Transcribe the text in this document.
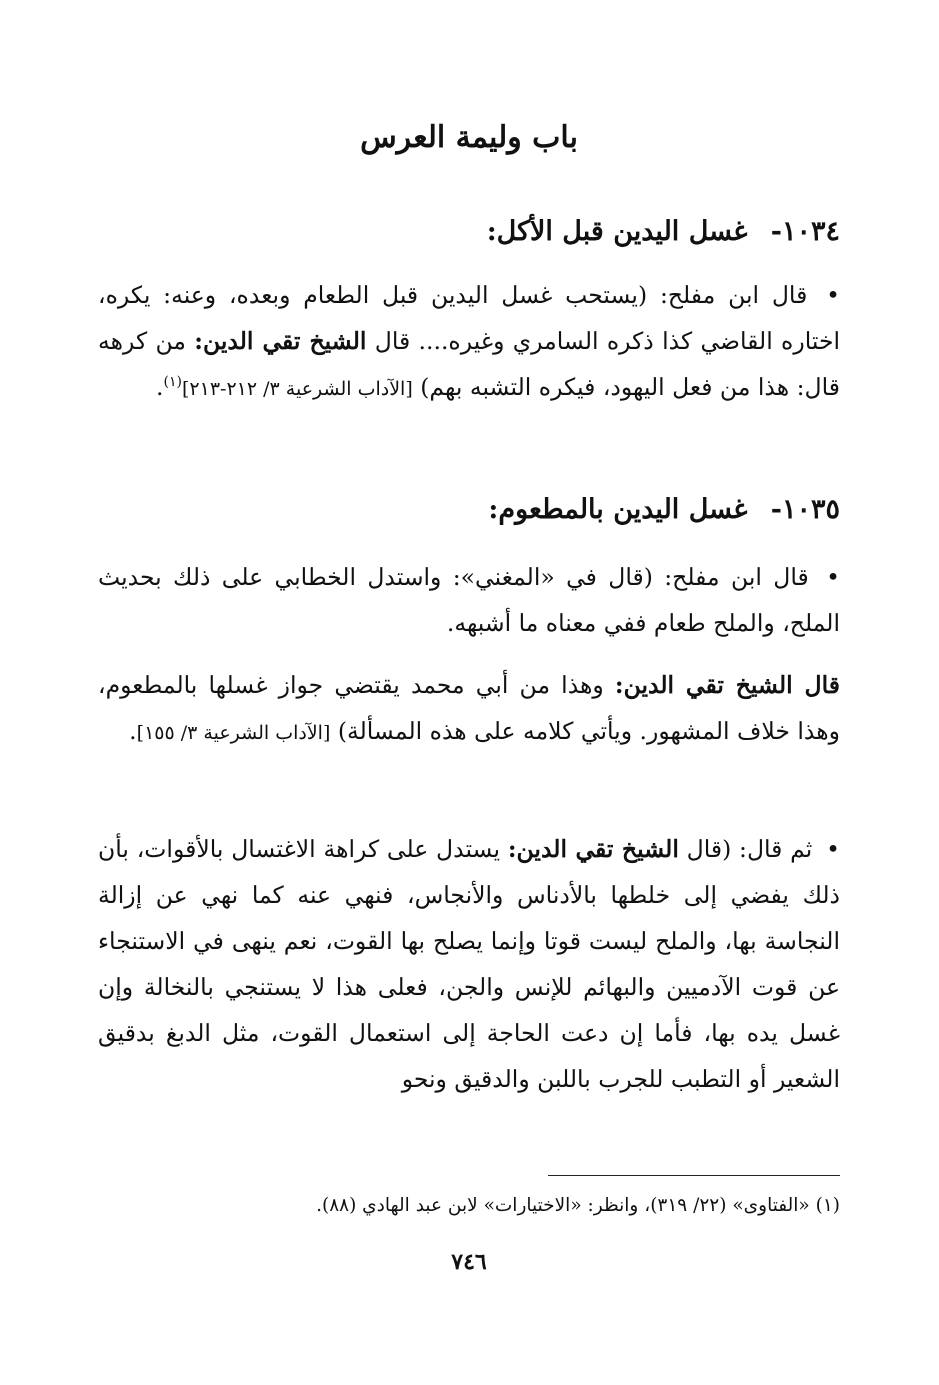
باب وليمة العرس
١٠٣٤- غسل اليدين قبل الأكل:
• قال ابن مفلح: (يستحب غسل اليدين قبل الطعام وبعده، وعنه: يكره، اختاره القاضي كذا ذكره السامري وغيره.... قال الشيخ تقي الدين: من كرهه قال: هذا من فعل اليهود، فيكره التشبه بهم) [الآداب الشرعية ٣/ ٢١٢-٢١٣]$^{(١)}$.
١٠٣٥- غسل اليدين بالمطعوم:
• قال ابن مفلح: (قال في «المغني»: واستدل الخطابي على ذلك بحديث الملح، والملح طعام ففي معناه ما أشبهه.
قال الشيخ تقي الدين: وهذا من أبي محمد يقتضي جواز غسلها بالمطعوم، وهذا خلاف المشهور. ويأتي كلامه على هذه المسألة) [الآداب الشرعية ٣/ ١٥٥].
• ثم قال: (قال الشيخ تقي الدين: يستدل على كراهة الاغتسال بالأقوات، بأن ذلك يفضي إلى خلطها بالأدناس والأنجاس، فنهي عنه كما نهي عن إزالة النجاسة بها، والملح ليست قوتا وإنما يصلح بها القوت، نعم ينهى في الاستنجاء عن قوت الآدميين والبهائم للإنس والجن، فعلى هذا لا يستنجي بالنخالة وإن غسل يده بها، فأما إن دعت الحاجة إلى استعمال القوت، مثل الدبغ بدقيق الشعير أو التطبب للجرب باللبن والدقيق ونحو
(١) «الفتاوى» (٢٢/ ٣١٩)، وانظر: «الاختيارات» لابن عبد الهادي (٨٨).
٧٤٦
